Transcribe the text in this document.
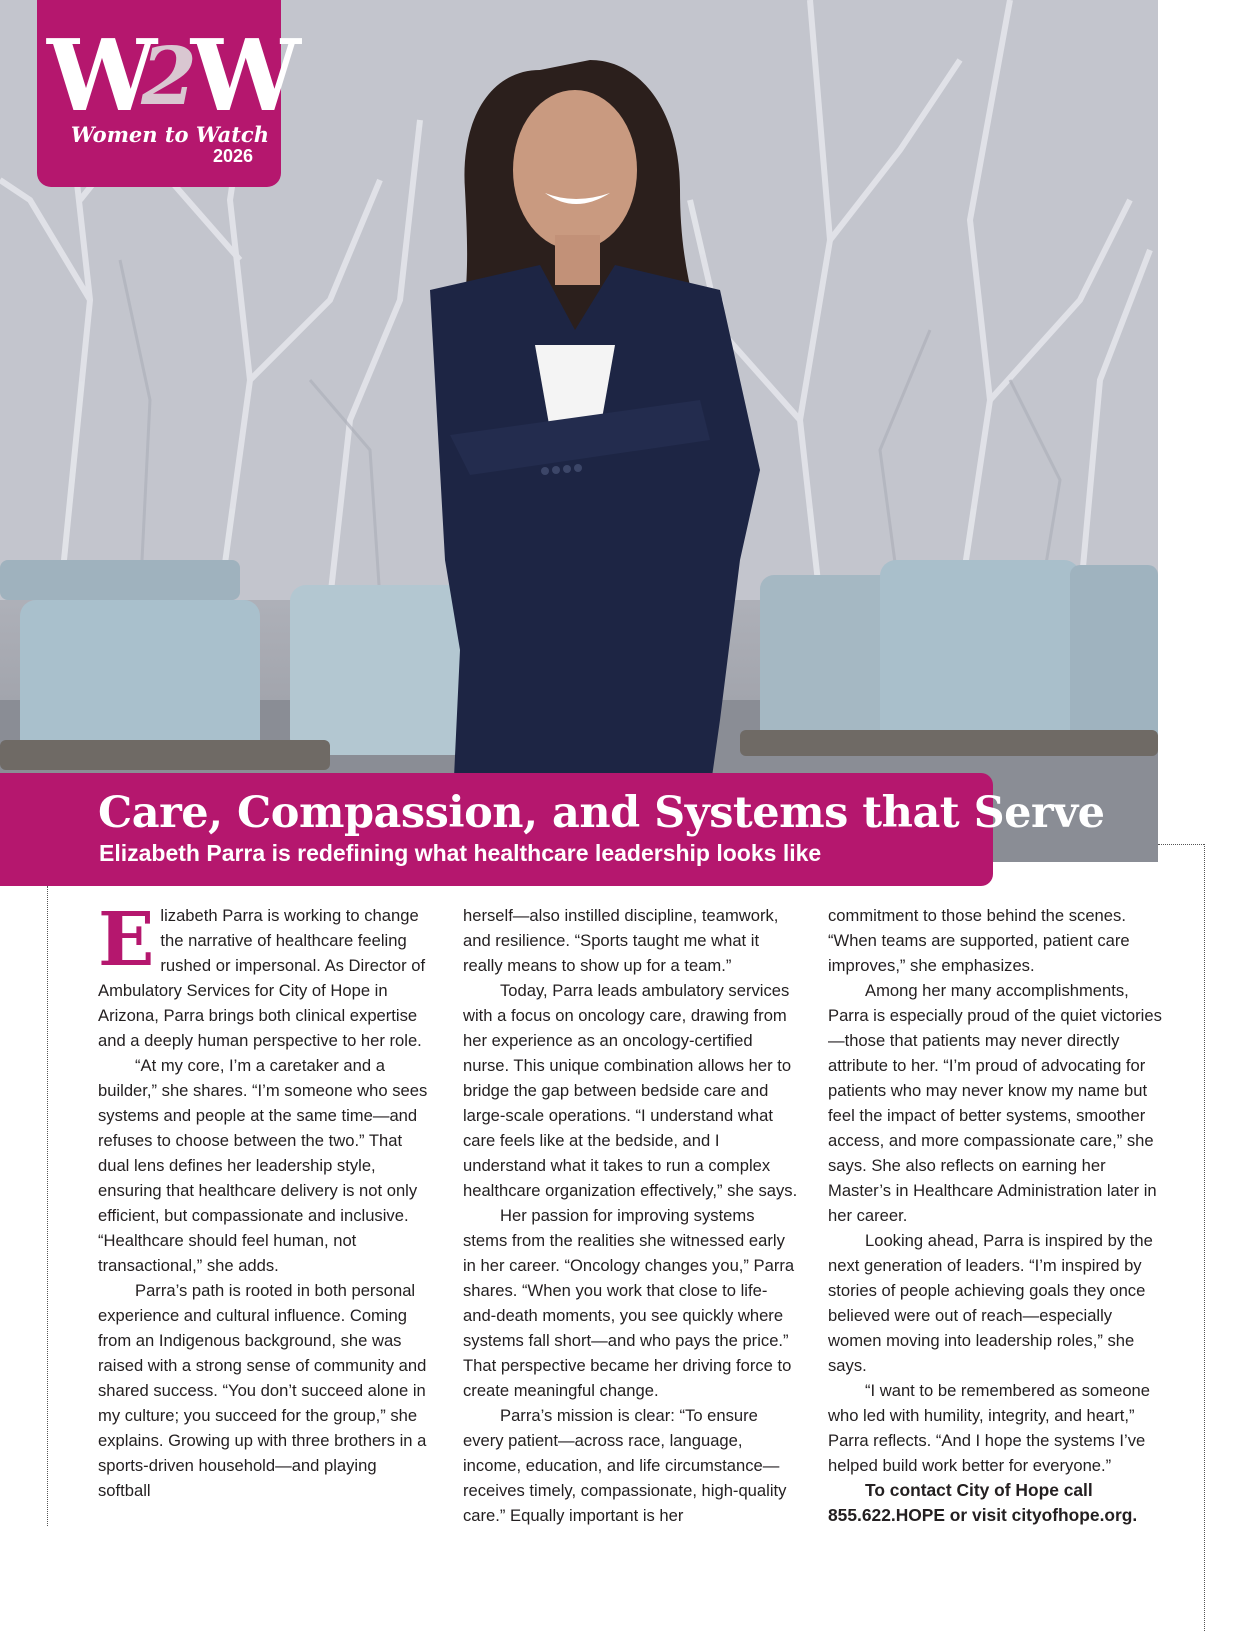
W2W
Women to Watch
2026
Care, Compassion, and Systems that Serve
Elizabeth Parra is redefining what healthcare leadership looks like

Elizabeth Parra is working to change the narrative of healthcare feeling rushed or impersonal. As Director of Ambulatory Services for City of Hope in Arizona, Parra brings both clinical expertise and a deeply human perspective to her role.

“At my core, I’m a caretaker and a builder,” she shares. “I’m someone who sees systems and people at the same time—and refuses to choose between the two.” That dual lens defines her leadership style, ensuring that healthcare delivery is not only efficient, but compassionate and inclusive. “Healthcare should feel human, not transactional,” she adds.

Parra’s path is rooted in both personal experience and cultural influence. Coming from an Indigenous background, she was raised with a strong sense of community and shared success. “You don’t succeed alone in my culture; you succeed for the group,” she explains. Growing up with three brothers in a sports-driven household—and playing softball

herself—also instilled discipline, teamwork, and resilience. “Sports taught me what it really means to show up for a team.”

Today, Parra leads ambulatory services with a focus on oncology care, drawing from her experience as an oncology-certified nurse. This unique combination allows her to bridge the gap between bedside care and large-scale operations. “I understand what care feels like at the bedside, and I understand what it takes to run a complex healthcare organization effectively,” she says.

Her passion for improving systems stems from the realities she witnessed early in her career. “Oncology changes you,” Parra shares. “When you work that close to life-and-death moments, you see quickly where systems fall short—and who pays the price.” That perspective became her driving force to create meaningful change.

Parra’s mission is clear: “To ensure every patient—across race, language, income, education, and life circumstance—receives timely, compassionate, high-quality care.” Equally important is her

commitment to those behind the scenes. “When teams are supported, patient care improves,” she emphasizes.

Among her many accomplishments, Parra is especially proud of the quiet victories—those that patients may never directly attribute to her. “I’m proud of advocating for patients who may never know my name but feel the impact of better systems, smoother access, and more compassionate care,” she says. She also reflects on earning her Master’s in Healthcare Administration later in her career.

Looking ahead, Parra is inspired by the next generation of leaders. “I’m inspired by stories of people achieving goals they once believed were out of reach—especially women moving into leadership roles,” she says.

“I want to be remembered as someone who led with humility, integrity, and heart,” Parra reflects. “And I hope the systems I’ve helped build work better for everyone.”

To contact City of Hope call 855.622.HOPE or visit cityofhope.org.
